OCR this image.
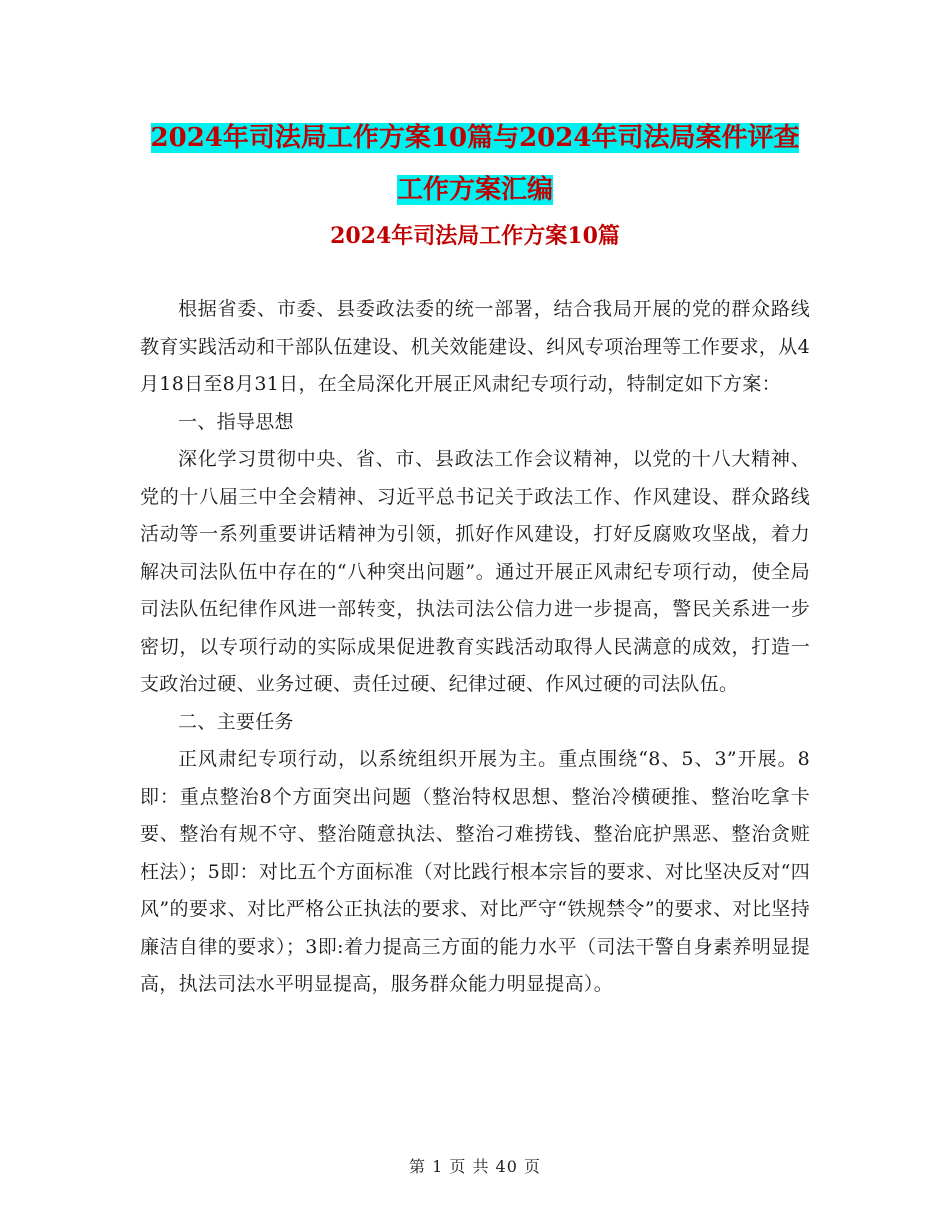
2024年司法局工作方案10篇与2024年司法局案件评查工作方案汇编
2024年司法局工作方案10篇

根据省委、市委、县委政法委的统一部署，结合我局开展的党的群众路线教育实践活动和干部队伍建设、机关效能建设、纠风专项治理等工作要求，从4月18日至8月31日，在全局深化开展正风肃纪专项行动，特制定如下方案：

一、指导思想

深化学习贯彻中央、省、市、县政法工作会议精神，以党的十八大精神、党的十八届三中全会精神、习近平总书记关于政法工作、作风建设、群众路线活动等一系列重要讲话精神为引领，抓好作风建设，打好反腐败攻坚战，着力解决司法队伍中存在的“八种突出问题”。通过开展正风肃纪专项行动，使全局司法队伍纪律作风进一部转变，执法司法公信力进一步提高，警民关系进一步密切，以专项行动的实际成果促进教育实践活动取得人民满意的成效，打造一支政治过硬、业务过硬、责任过硬、纪律过硬、作风过硬的司法队伍。

二、主要任务

正风肃纪专项行动，以系统组织开展为主。重点围绕“8、5、3”开展。8即：重点整治8个方面突出问题（整治特权思想、整治冷横硬推、整治吃拿卡要、整治有规不守、整治随意执法、整治刁难捞钱、整治庇护黑恶、整治贪赃枉法）；5即：对比五个方面标准（对比践行根本宗旨的要求、对比坚决反对“四风”的要求、对比严格公正执法的要求、对比严守“铁规禁令”的要求、对比坚持廉洁自律的要求）；3即:着力提高三方面的能力水平（司法干警自身素养明显提高，执法司法水平明显提高，服务群众能力明显提高）。

第 1 页 共 40 页
